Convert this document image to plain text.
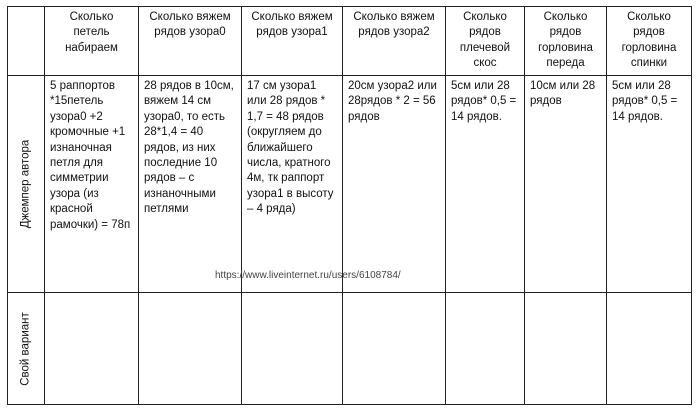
	Сколько петель набираем	Сколько вяжем рядов узора0	Сколько вяжем рядов узора1	Сколько вяжем рядов узора2	Сколько рядов плечевой скос	Сколько рядов горловина переда	Сколько рядов горловина спинки

Джемпер автора	5 раппортов *15петель узора0 +2 кромочные +1 изнаночная петля для симметрии узора (из красной рамочки) = 78п	28 рядов в 10см, вяжем 14 см узора0, то есть 28*1,4 = 40 рядов, из них последние 10 рядов – с изнаночными петлями	17 см узора1 или 28 рядов * 1,7 = 48 рядов (округляем до ближайшего числа, кратного 4м, тк раппорт узора1 в высоту – 4 ряда)	20см узора2 или 28рядов * 2 = 56 рядов	5см или 28 рядов* 0,5 = 14 рядов.	10см или 28 рядов	5см или 28 рядов* 0,5 = 14 рядов.

Свой вариант							

https://www.liveinternet.ru/users/6108784/
